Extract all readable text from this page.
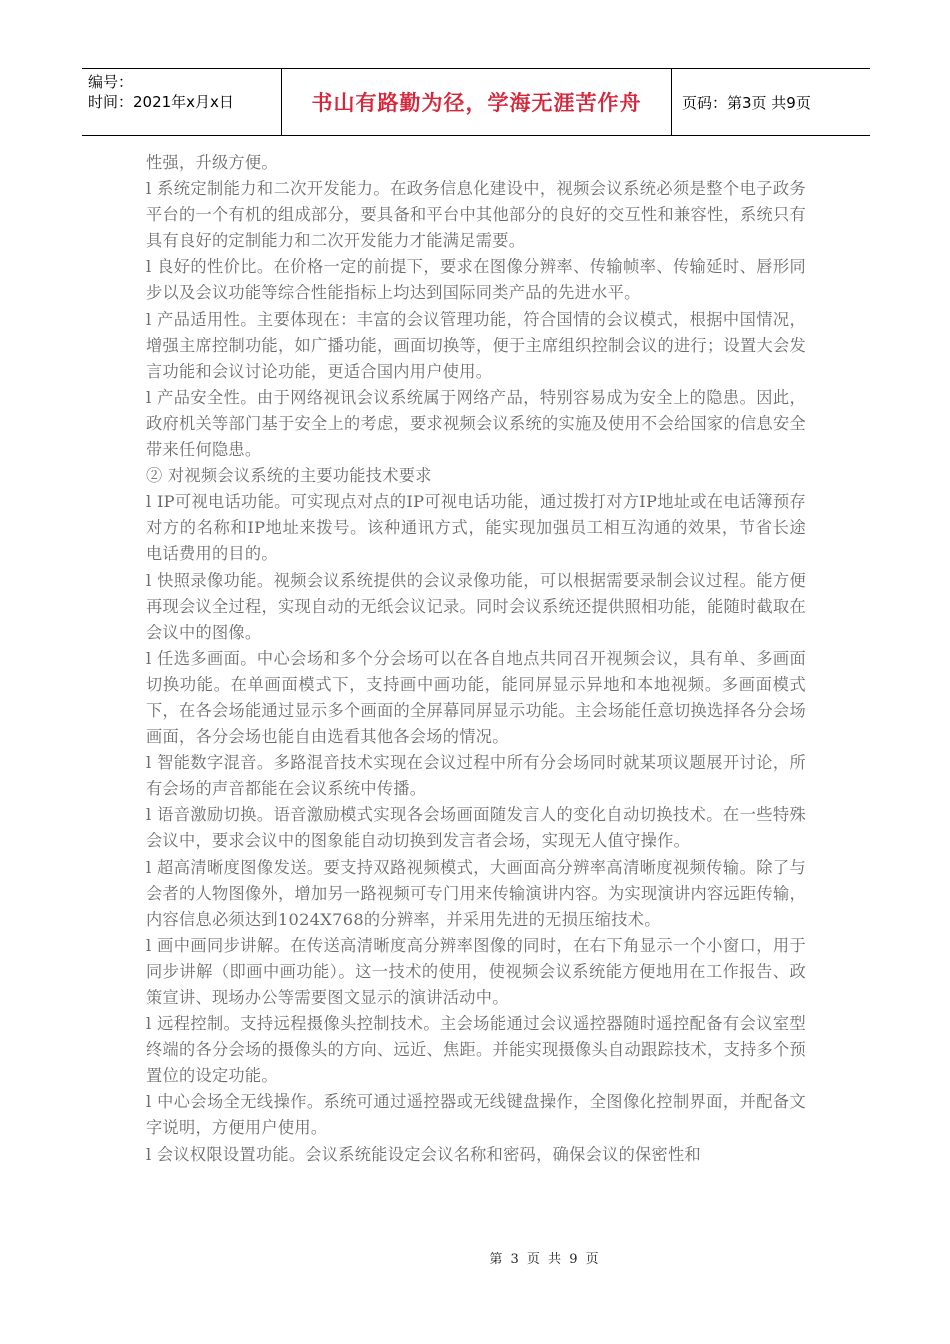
编号：
时间：2021年x月x日	书山有路勤为径，学海无涯苦作舟	页码：第3页 共9页

性强，升级方便。

l 系统定制能力和二次开发能力。在政务信息化建设中，视频会议系统必须是整个电子政务平台的一个有机的组成部分，要具备和平台中其他部分的良好的交互性和兼容性，系统只有具有良好的定制能力和二次开发能力才能满足需要。

l 良好的性价比。在价格一定的前提下，要求在图像分辨率、传输帧率、传输延时、唇形同步以及会议功能等综合性能指标上均达到国际同类产品的先进水平。

l 产品适用性。主要体现在：丰富的会议管理功能，符合国情的会议模式，根据中国情况，增强主席控制功能，如广播功能，画面切换等，便于主席组织控制会议的进行；设置大会发言功能和会议讨论功能，更适合国内用户使用。

l 产品安全性。由于网络视讯会议系统属于网络产品，特别容易成为安全上的隐患。因此，政府机关等部门基于安全上的考虑，要求视频会议系统的实施及使用不会给国家的信息安全带来任何隐患。

② 对视频会议系统的主要功能技术要求

l IP可视电话功能。可实现点对点的IP可视电话功能，通过拨打对方IP地址或在电话簿预存对方的名称和IP地址来拨号。该种通讯方式，能实现加强员工相互沟通的效果，节省长途电话费用的目的。

l 快照录像功能。视频会议系统提供的会议录像功能，可以根据需要录制会议过程。能方便再现会议全过程，实现自动的无纸会议记录。同时会议系统还提供照相功能，能随时截取在会议中的图像。

l 任选多画面。中心会场和多个分会场可以在各自地点共同召开视频会议，具有单、多画面切换功能。在单画面模式下，支持画中画功能，能同屏显示异地和本地视频。多画面模式下，在各会场能通过显示多个画面的全屏幕同屏显示功能。主会场能任意切换选择各分会场画面，各分会场也能自由选看其他各会场的情况。

l 智能数字混音。多路混音技术实现在会议过程中所有分会场同时就某项议题展开讨论，所有会场的声音都能在会议系统中传播。

l 语音激励切换。语音激励模式实现各会场画面随发言人的变化自动切换技术。在一些特殊会议中，要求会议中的图象能自动切换到发言者会场，实现无人值守操作。

l 超高清晰度图像发送。要支持双路视频模式，大画面高分辨率高清晰度视频传输。除了与会者的人物图像外，增加另一路视频可专门用来传输演讲内容。为实现演讲内容远距传输，内容信息必须达到1024X768的分辨率，并采用先进的无损压缩技术。

l 画中画同步讲解。在传送高清晰度高分辨率图像的同时，在右下角显示一个小窗口，用于同步讲解（即画中画功能）。这一技术的使用，使视频会议系统能方便地用在工作报告、政策宣讲、现场办公等需要图文显示的演讲活动中。

l 远程控制。支持远程摄像头控制技术。主会场能通过会议遥控器随时遥控配备有会议室型终端的各分会场的摄像头的方向、远近、焦距。并能实现摄像头自动跟踪技术，支持多个预置位的设定功能。

l 中心会场全无线操作。系统可通过遥控器或无线键盘操作，全图像化控制界面，并配备文字说明，方便用户使用。

l 会议权限设置功能。会议系统能设定会议名称和密码，确保会议的保密性和

第 3 页 共 9 页
